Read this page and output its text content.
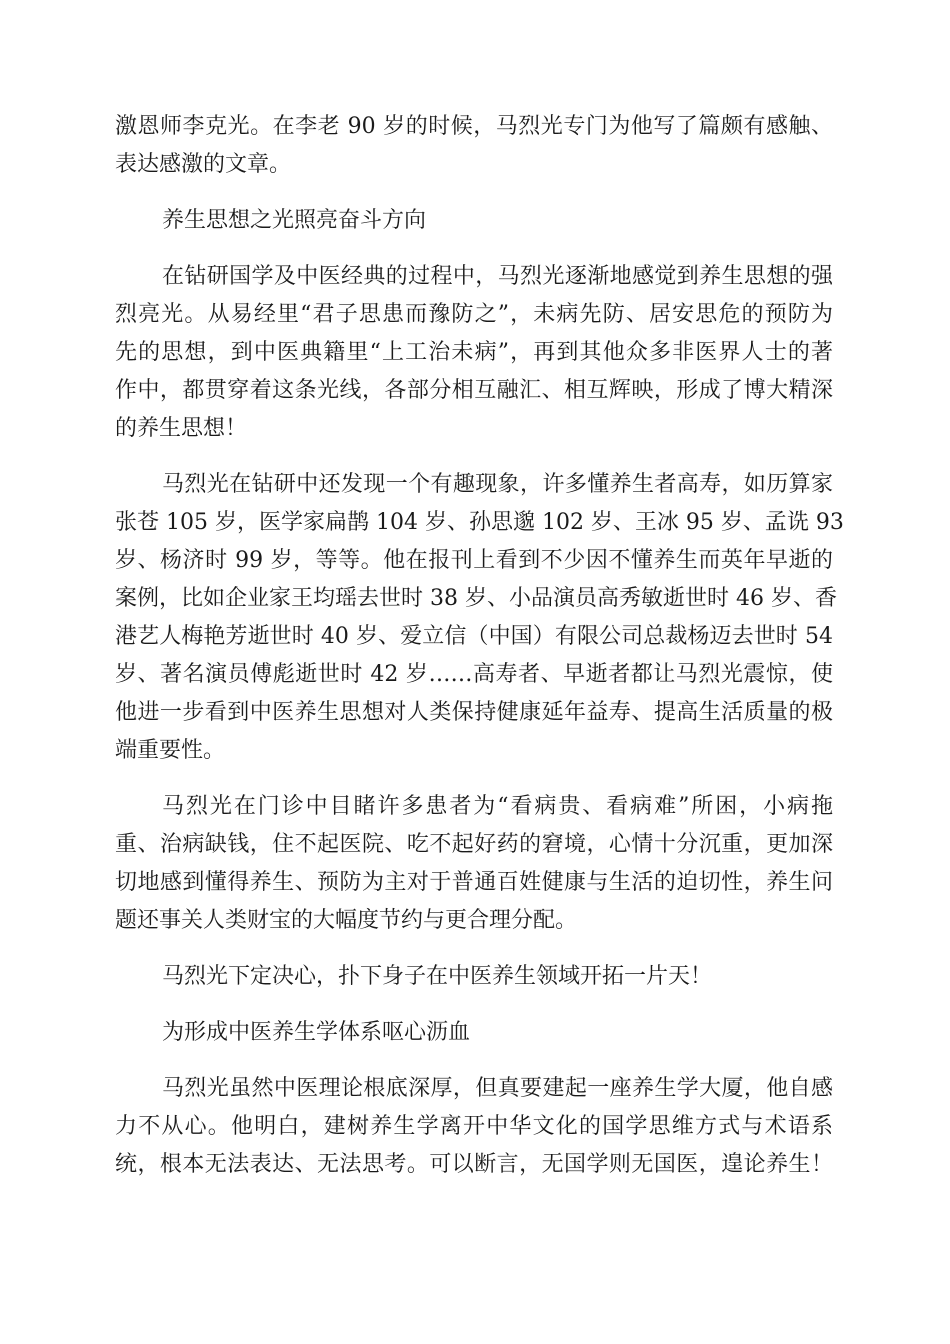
激恩师李克光。在李老 90 岁的时候，马烈光专门为他写了篇颇有感触、
表达感激的文章。
养生思想之光照亮奋斗方向
在钻研国学及中医经典的过程中，马烈光逐渐地感觉到养生思想的强
烈亮光。从易经里“君子思患而豫防之”，未病先防、居安思危的预防为
先的思想，到中医典籍里“上工治未病”，再到其他众多非医界人士的著
作中，都贯穿着这条光线，各部分相互融汇、相互辉映，形成了博大精深
的养生思想！
马烈光在钻研中还发现一个有趣现象，许多懂养生者高寿，如历算家
张苍 105 岁，医学家扁鹊 104 岁、孙思邈 102 岁、王冰 95 岁、孟诜 93
岁、杨济时 99 岁，等等。他在报刊上看到不少因不懂养生而英年早逝的
案例，比如企业家王均瑶去世时 38 岁、小品演员高秀敏逝世时 46 岁、香
港艺人梅艳芳逝世时 40 岁、爱立信（中国）有限公司总裁杨迈去世时 54
岁、著名演员傅彪逝世时 42 岁……高寿者、早逝者都让马烈光震惊，使
他进一步看到中医养生思想对人类保持健康延年益寿、提高生活质量的极
端重要性。
马烈光在门诊中目睹许多患者为“看病贵、看病难”所困，小病拖
重、治病缺钱，住不起医院、吃不起好药的窘境，心情十分沉重，更加深
切地感到懂得养生、预防为主对于普通百姓健康与生活的迫切性，养生问
题还事关人类财宝的大幅度节约与更合理分配。
马烈光下定决心，扑下身子在中医养生领域开拓一片天！
为形成中医养生学体系呕心沥血
马烈光虽然中医理论根底深厚，但真要建起一座养生学大厦，他自感
力不从心。他明白，建树养生学离开中华文化的国学思维方式与术语系
统，根本无法表达、无法思考。可以断言，无国学则无国医，遑论养生！
